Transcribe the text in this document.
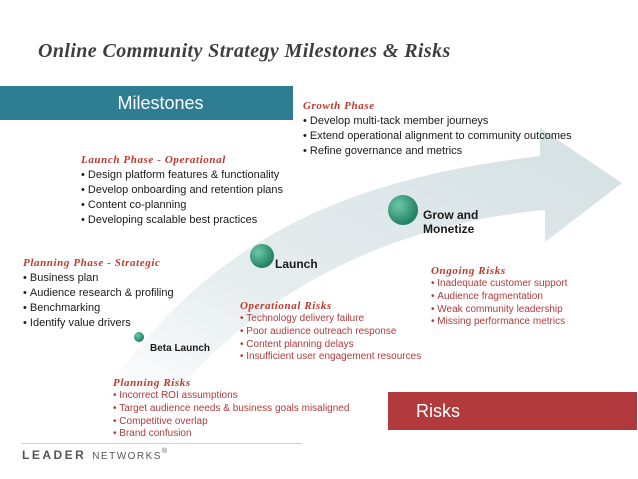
Online Community Strategy Milestones & Risks
Milestones	Growth Phase
• Develop multi-tack member journeys
• Extend operational alignment to community outcomes
• Refine governance and metrics
Launch Phase - Operational
• Design platform features & functionality
• Develop onboarding and retention plans
• Content co-planning
• Developing scalable best practices
Planning Phase - Strategic
• Business plan
• Audience research & profiling
• Benchmarking
• Identify value drivers
Launch
Grow and
Monetize
Beta Launch
Ongoing Risks
• Inadequate customer support
• Audience fragmentation
• Weak community leadership
• Missing performance metrics
Operational Risks
• Technology delivery failure
• Poor audience outreach response
• Content planning delays
• Insufficient user engagement resources
Planning Risks
• Incorrect ROI assumptions
• Target audience needs & business goals misaligned
• Competitive overlap
• Brand confusion
Risks
LEADER NETWORKS®
